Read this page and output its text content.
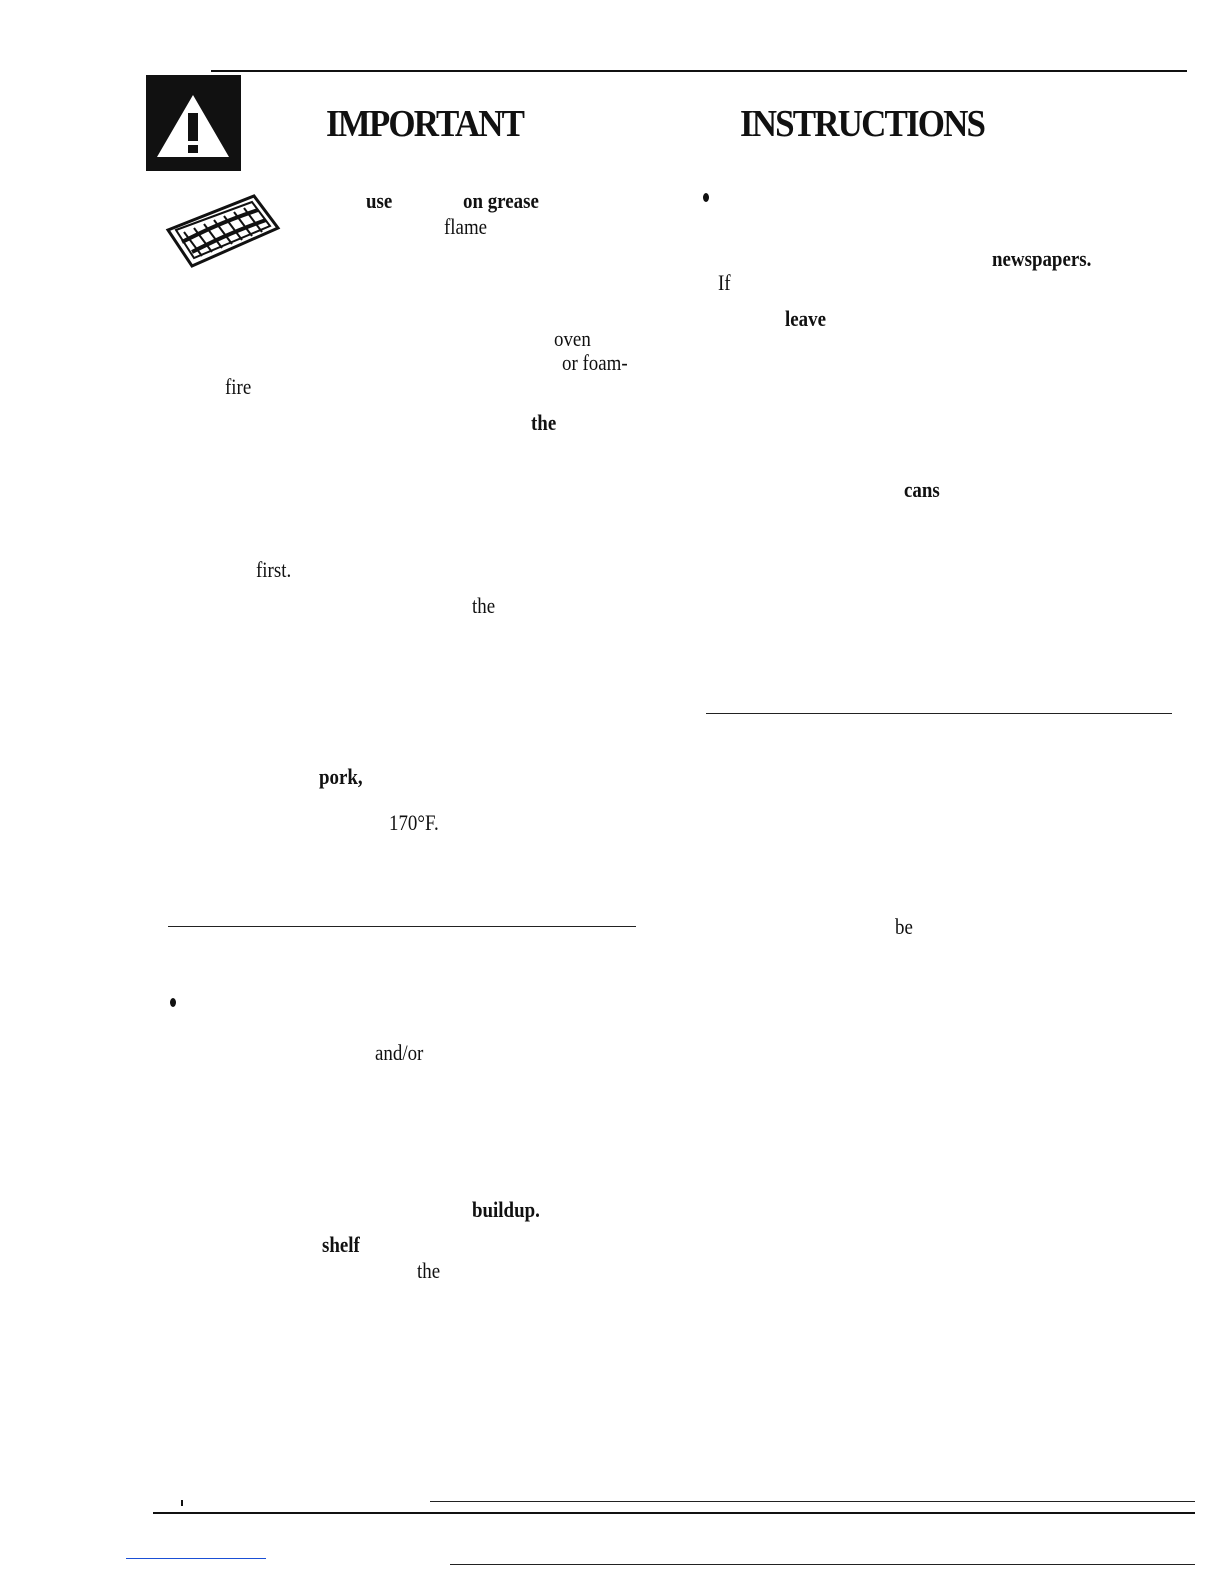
IMPORTANT	INSTRUCTIONS
use	on grease
flame
oven
or foam-
fire
the
first.
the
pork,
170°F.
and/or
buildup.
shelf
the
newspapers.
If
leave
cans
be
